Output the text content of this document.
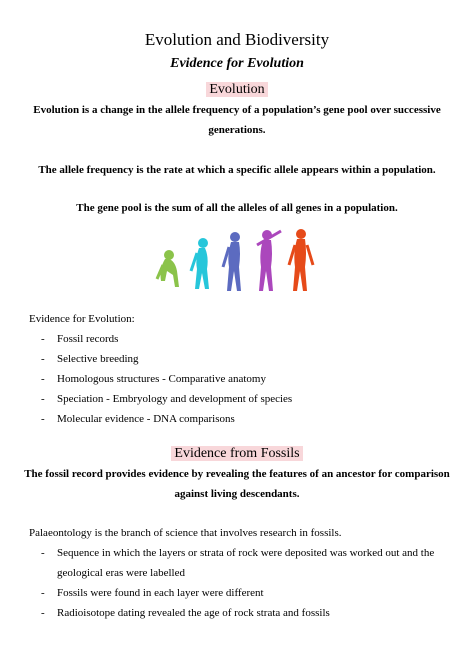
Evolution and Biodiversity
Evidence for Evolution
Evolution
Evolution is a change in the allele frequency of a population’s gene pool over successive generations.
The allele frequency is the rate at which a specific allele appears within a population.
The gene pool is the sum of all the alleles of all genes in a population.
Evidence for Evolution:
- Fossil records
- Selective breeding
- Homologous structures - Comparative anatomy
- Speciation - Embryology and development of species
- Molecular evidence - DNA comparisons
Evidence from Fossils
The fossil record provides evidence by revealing the features of an ancestor for comparison against living descendants.
Palaeontology is the branch of science that involves research in fossils.
- Sequence in which the layers or strata of rock were deposited was worked out and the geological eras were labelled
- Fossils were found in each layer were different
- Radioisotope dating revealed the age of rock strata and fossils
